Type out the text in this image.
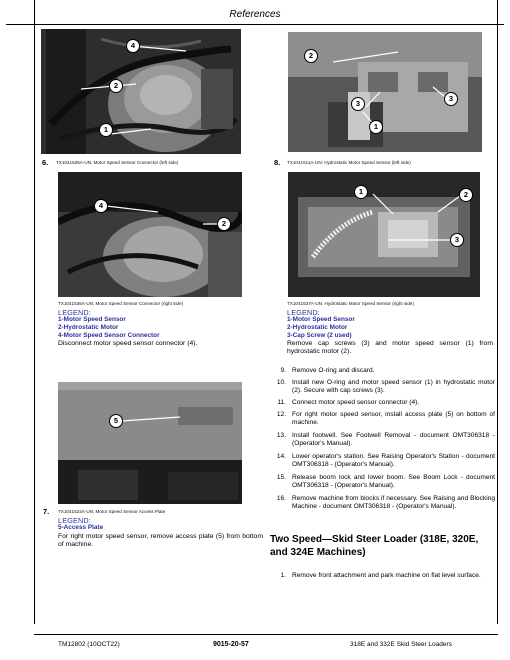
References
4
2
1
6. TX1041535A-UN: Motor Speed Sensor Connector (left side)
2
3
3
1
8. TX1041511A-UN: Hydrostatic Motor Speed Sensor (left side)
4
2
TX1041536A-UN: Motor Speed Sensor Connector (right side)
LEGEND:
1-Motor Speed Sensor
2-Hydrostatic Motor
4-Motor Speed Sensor Connector
Disconnect motor speed sensor connector (4).
1	2
3
TX1041537A-UN: Hydrostatic Motor Speed Sensor (right side)
LEGEND:
1-Motor Speed Sensor
2-Hydrostatic Motor
3-Cap Screw (2 used)
Remove cap screws (3) and motor speed sensor (1) from hydrostatic motor (2).
5
7. TX1041523A-UN: Motor Speed Sensor Access Plate
LEGEND:
5-Access Plate
For right motor speed sensor, remove access plate (5) from bottom of machine.
9. Remove O-ring and discard.
10. Install new O-ring and motor speed sensor (1) in hydrostatic motor (2). Secure with cap screws (3).
11. Connect motor speed sensor connector (4).
12. For right motor speed sensor, install access plate (5) on bottom of machine.
13. Install footwell. See Footwell Removal - document OMT306318 - (Operator's Manual).
14. Lower operator's station. See Raising Operator's Station - document OMT306318 - (Operator's Manual).
15. Release boom lock and lower boom. See Boom Lock - document OMT306318 - (Operator's Manual).
16. Remove machine from blocks if necessary. See Raising and Blocking Machine - document OMT306318 - (Operator's Manual).
Two Speed—Skid Steer Loader (318E, 320E, and 324E Machines)
1. Remove front attachment and park machine on flat level surface.
TM12802 (10OCT22)	9015-20-57	318E and 332E Skid Steer Loaders
